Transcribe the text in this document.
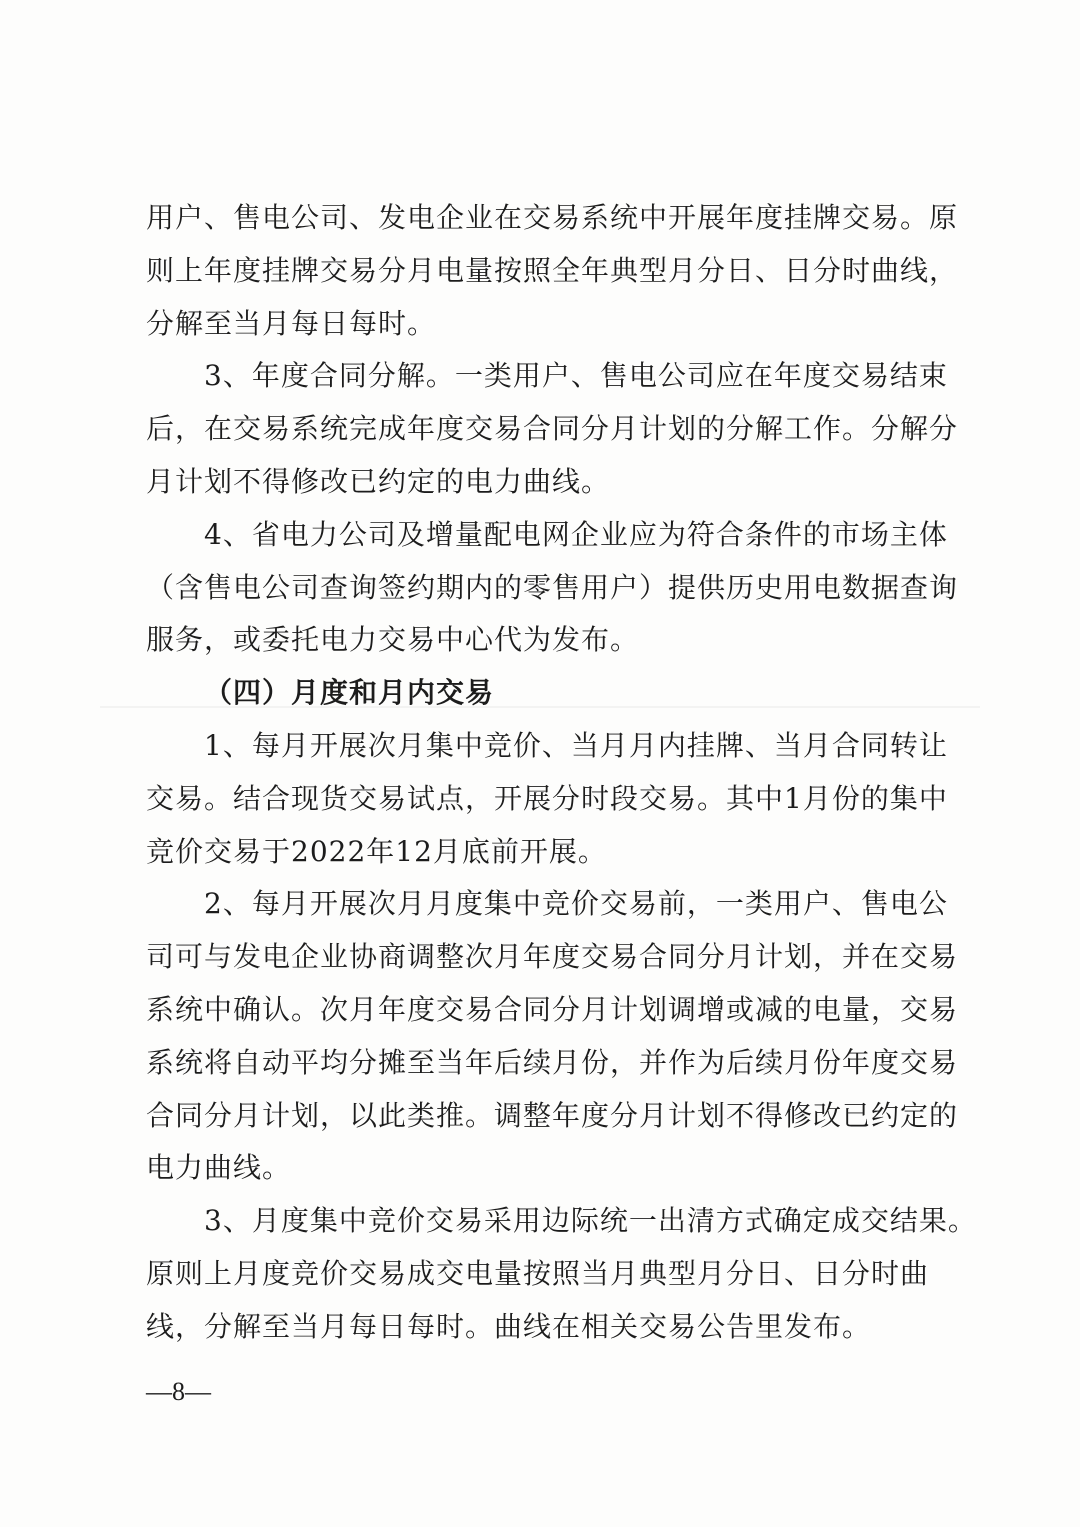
用户、售电公司、发电企业在交易系统中开展年度挂牌交易。原
则上年度挂牌交易分月电量按照全年典型月分日、日分时曲线，
分解至当月每日每时。
3、年度合同分解。一类用户、售电公司应在年度交易结束
后，在交易系统完成年度交易合同分月计划的分解工作。分解分
月计划不得修改已约定的电力曲线。
4、省电力公司及增量配电网企业应为符合条件的市场主体
（含售电公司查询签约期内的零售用户）提供历史用电数据查询
服务，或委托电力交易中心代为发布。
（四）月度和月内交易
1、每月开展次月集中竞价、当月月内挂牌、当月合同转让
交易。结合现货交易试点，开展分时段交易。其中1月份的集中
竞价交易于2022年12月底前开展。
2、每月开展次月月度集中竞价交易前，一类用户、售电公
司可与发电企业协商调整次月年度交易合同分月计划，并在交易
系统中确认。次月年度交易合同分月计划调增或减的电量，交易
系统将自动平均分摊至当年后续月份，并作为后续月份年度交易
合同分月计划，以此类推。调整年度分月计划不得修改已约定的
电力曲线。
3、月度集中竞价交易采用边际统一出清方式确定成交结果。
原则上月度竞价交易成交电量按照当月典型月分日、日分时曲
线，分解至当月每日每时。曲线在相关交易公告里发布。
—8—
